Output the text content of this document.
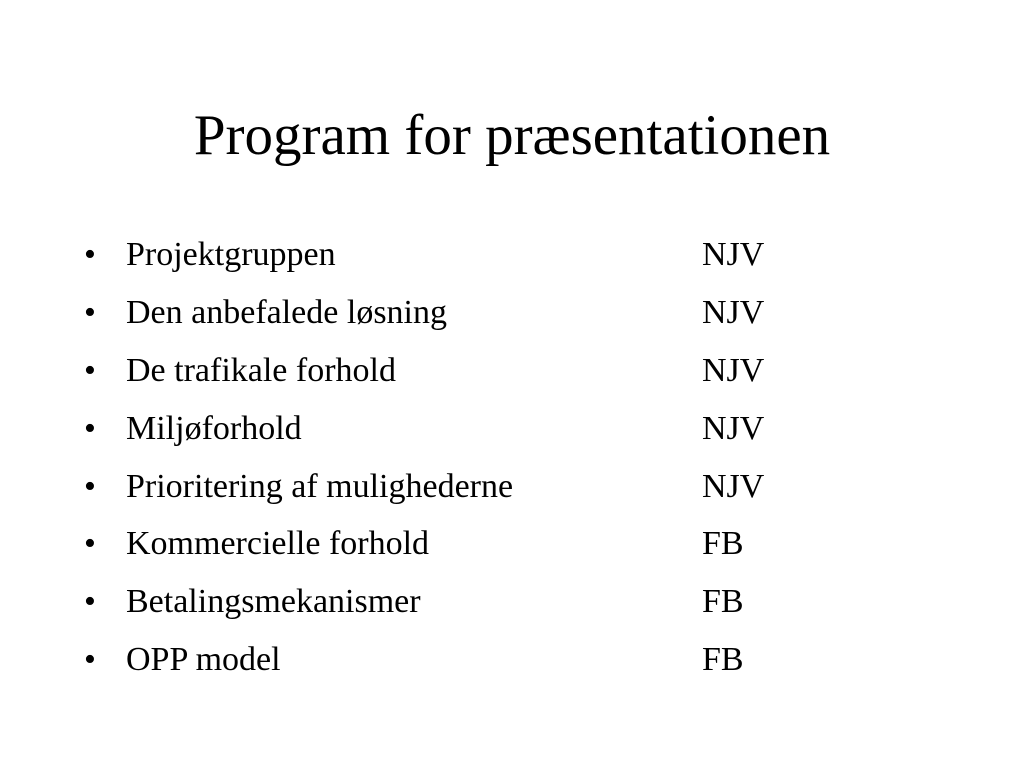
Program for præsentationen
• Projektgruppen	NJV
• Den anbefalede løsning	NJV
• De trafikale forhold	NJV
• Miljøforhold	NJV
• Prioritering af mulighederne	NJV
• Kommercielle forhold	FB
• Betalingsmekanismer	FB
• OPP model	FB
